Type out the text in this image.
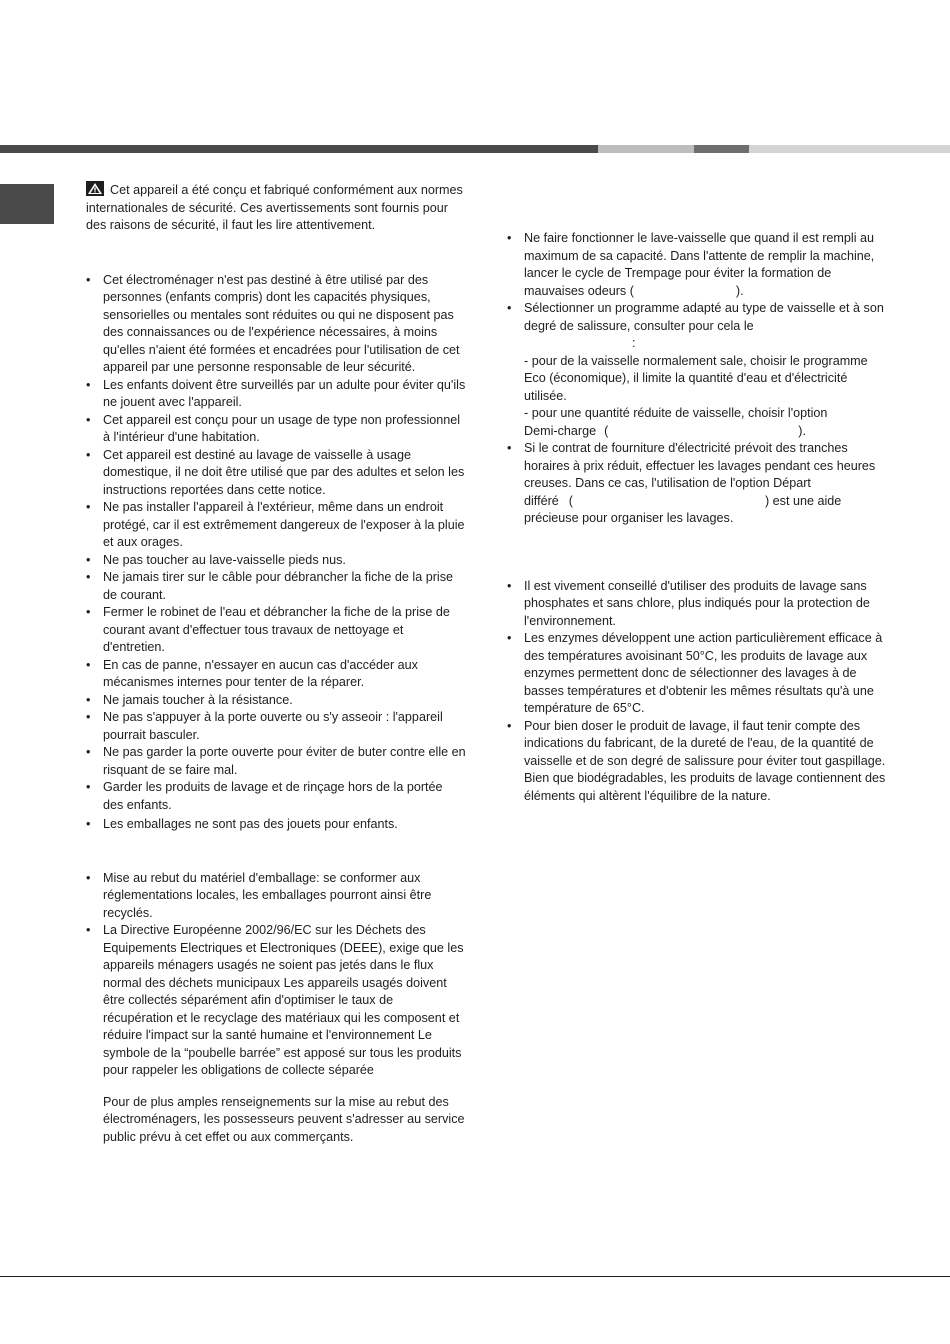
Cet appareil a été conçu et fabriqué conformément aux normes internationales de sécurité. Ces avertissements sont fournis pour des raisons de sécurité, il faut les lire attentivement.

• Cet électroménager n'est pas destiné à être utilisé par des personnes (enfants compris) dont les capacités physiques, sensorielles ou mentales sont réduites ou qui ne disposent pas des connaissances ou de l'expérience nécessaires, à moins qu'elles n'aient été formées et encadrées pour l'utilisation de cet appareil par une personne responsable de leur sécurité.
• Les enfants doivent être surveillés par un adulte pour éviter qu'ils ne jouent avec l'appareil.
• Cet appareil est conçu pour un usage de type non professionnel à l'intérieur d'une habitation.
• Cet appareil est destiné au lavage de vaisselle à usage domestique, il ne doit être utilisé que par des adultes et selon les instructions reportées dans cette notice.
• Ne pas installer l'appareil à l'extérieur, même dans un endroit protégé, car il est extrêmement dangereux de l'exposer à la pluie et aux orages.
• Ne pas toucher au lave-vaisselle pieds nus.
• Ne jamais tirer sur le câble pour débrancher la fiche de la prise de courant.
• Fermer le robinet de l'eau et débrancher la fiche de la prise de courant avant d'effectuer tous travaux de nettoyage et d'entretien.
• En cas de panne, n'essayer en aucun cas d'accéder aux mécanismes internes pour tenter de la réparer.
• Ne jamais toucher à la résistance.
• Ne pas s'appuyer à la porte ouverte ou s'y asseoir : l'appareil pourrait basculer.
• Ne pas garder la porte ouverte pour éviter de buter contre elle en risquant de se faire mal.
• Garder les produits de lavage et de rinçage hors de la portée des enfants.
• Les emballages ne sont pas des jouets pour enfants.
• Mise au rebut du matériel d'emballage: se conformer aux réglementations locales, les emballages pourront ainsi être recyclés.
• La Directive Européenne 2002/96/EC sur les Déchets des Equipements Electriques et Electroniques (DEEE), exige que les appareils ménagers usagés ne soient pas jetés dans le flux normal des déchets municipaux Les appareils usagés doivent être collectés séparément afin d'optimiser le taux de récupération et le recyclage des matériaux qui les composent et réduire l'impact sur la santé humaine et l'environnement Le symbole de la “poubelle barrée” est apposé sur tous les produits pour rappeler les obligations de collecte séparée

Pour de plus amples renseignements sur la mise au rebut des électroménagers, les possesseurs peuvent s'adresser au service public prévu à cet effet ou aux commerçants.

• Ne faire fonctionner le lave-vaisselle que quand il est rempli au maximum de sa capacité. Dans l'attente de remplir la machine, lancer le cycle de Trempage pour éviter la formation de mauvaises odeurs (	).
• Sélectionner un programme adapté au type de vaisselle et à son degré de salissure, consulter pour cela le
:
- pour de la vaisselle normalement sale, choisir le programme Eco (économique), il limite la quantité d'eau et d'électricité utilisée.
- pour une quantité réduite de vaisselle, choisir l'option
Demi-charge (	).
• Si le contrat de fourniture d'électricité prévoit des tranches horaires à prix réduit, effectuer les lavages pendant ces heures creuses. Dans ce cas, l'utilisation de l'option Départ
différé (	) est une aide précieuse pour organiser les lavages.
• Il est vivement conseillé d'utiliser des produits de lavage sans phosphates et sans chlore, plus indiqués pour la protection de l'environnement.
• Les enzymes développent une action particulièrement efficace à des températures avoisinant 50°C, les produits de lavage aux enzymes permettent donc de sélectionner des lavages à de basses températures et d'obtenir les mêmes résultats qu'à une température de 65°C.
• Pour bien doser le produit de lavage, il faut tenir compte des indications du fabricant, de la dureté de l'eau, de la quantité de vaisselle et de son degré de salissure pour éviter tout gaspillage. Bien que biodégradables, les produits de lavage contiennent des éléments qui altèrent l'équilibre de la nature.
